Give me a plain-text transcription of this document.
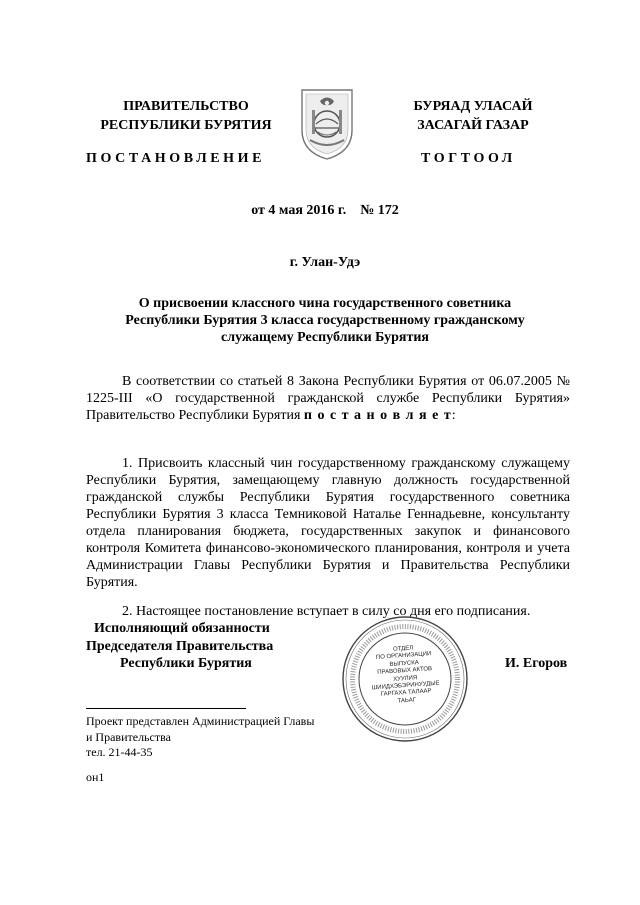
ПРАВИТЕЛЬСТВО
РЕСПУБЛИКИ БУРЯТИЯ
БУРЯАД УЛАСАЙ
ЗАСАГАЙ ГАЗАР
ПОСТАНОВЛЕНИЕ	ТОГТООЛ
от 4 мая 2016 г.    № 172
г. Улан-Удэ
О присвоении классного чина государственного советника
Республики Бурятия 3 класса государственному гражданскому
служащему Республики Бурятия
В соответствии со статьей 8 Закона Республики Бурятия от 06.07.2005 № 1225-III «О государственной гражданской службе Республики Бурятия» Правительство Республики Бурятия п о с т а н о в л я е т:
1. Присвоить классный чин государственному гражданскому служащему Республики Бурятия, замещающему главную должность государственной гражданской службы Республики Бурятия государственного советника Республики Бурятия 3 класса Темниковой Наталье Геннадьевне, консультанту отдела планирования бюджета, государственных закупок и финансового контроля Комитета финансово-экономического планирования, контроля и учета Администрации Главы Республики Бурятия и Правительства Республики Бурятия.
2. Настоящее постановление вступает в силу со дня его подписания.
Исполняющий обязанности
Председателя Правительства
Республики Бурятия	И. Егоров
ОТДЕЛ
ПО ОРГАНИЗАЦИИ
ВЫПУСКА
ПРАВОВЫХ АКТОВ
ХУУЛИЯ
ШИИДХЭБЭРИНУУДЫЕ
ГАРГАХА ТАЛААР
ТАЬАГ
Проект представлен Администрацией Главы
и Правительства
тел. 21-44-35
он1
